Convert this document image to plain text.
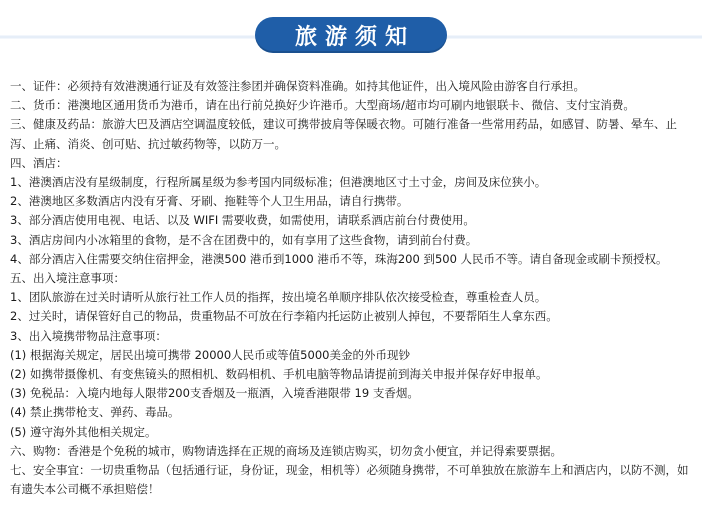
旅游须知
一、证件：必须持有效港澳通行证及有效签注参团并确保资料准确。如持其他证件，出入境风险由游客自行承担。
二、货币：港澳地区通用货币为港币，请在出行前兑换好少许港币。大型商场/超市均可刷内地银联卡、微信、支付宝消费。
三、健康及药品：旅游大巴及酒店空调温度较低，建议可携带披肩等保暖衣物。可随行准备一些常用药品，如感冒、防暑、晕车、止
泻、止痛、消炎、创可贴、抗过敏药物等，以防万一。
四、酒店：
1、港澳酒店没有星级制度，行程所属星级为参考国内同级标准；但港澳地区寸土寸金，房间及床位狭小。
2、港澳地区多数酒店内没有牙膏、牙刷、拖鞋等个人卫生用品，请自行携带。
3、部分酒店使用电视、电话、以及 WIFI 需要收费，如需使用，请联系酒店前台付费使用。
3、酒店房间内小冰箱里的食物，是不含在团费中的，如有享用了这些食物，请到前台付费。
4、部分酒店入住需要交纳住宿押金，港澳500 港币到1000 港币不等，珠海200 到500 人民币不等。请自备现金或刷卡预授权。
五、出入境注意事项：
1、团队旅游在过关时请听从旅行社工作人员的指挥，按出境名单顺序排队依次接受检查，尊重检查人员。
2、过关时，请保管好自己的物品，贵重物品不可放在行李箱内托运防止被别人掉包，不要帮陌生人拿东西。
3、出入境携带物品注意事项：
(1) 根据海关规定，居民出境可携带 20000人民币或等值5000美金的外币现钞
(2) 如携带摄像机、有变焦镜头的照相机、数码相机、手机电脑等物品请提前到海关申报并保存好申报单。
(3) 免税品：入境内地每人限带200支香烟及一瓶酒，入境香港限带 19 支香烟。
(4) 禁止携带枪支、弹药、毒品。
(5) 遵守海外其他相关规定。
六、购物：香港是个免税的城市，购物请选择在正规的商场及连锁店购买，切勿贪小便宜，并记得索要票据。
七、安全事宜：一切贵重物品（包括通行证，身份证，现金，相机等）必须随身携带，不可单独放在旅游车上和酒店内，以防不测，如
有遗失本公司概不承担赔偿！
